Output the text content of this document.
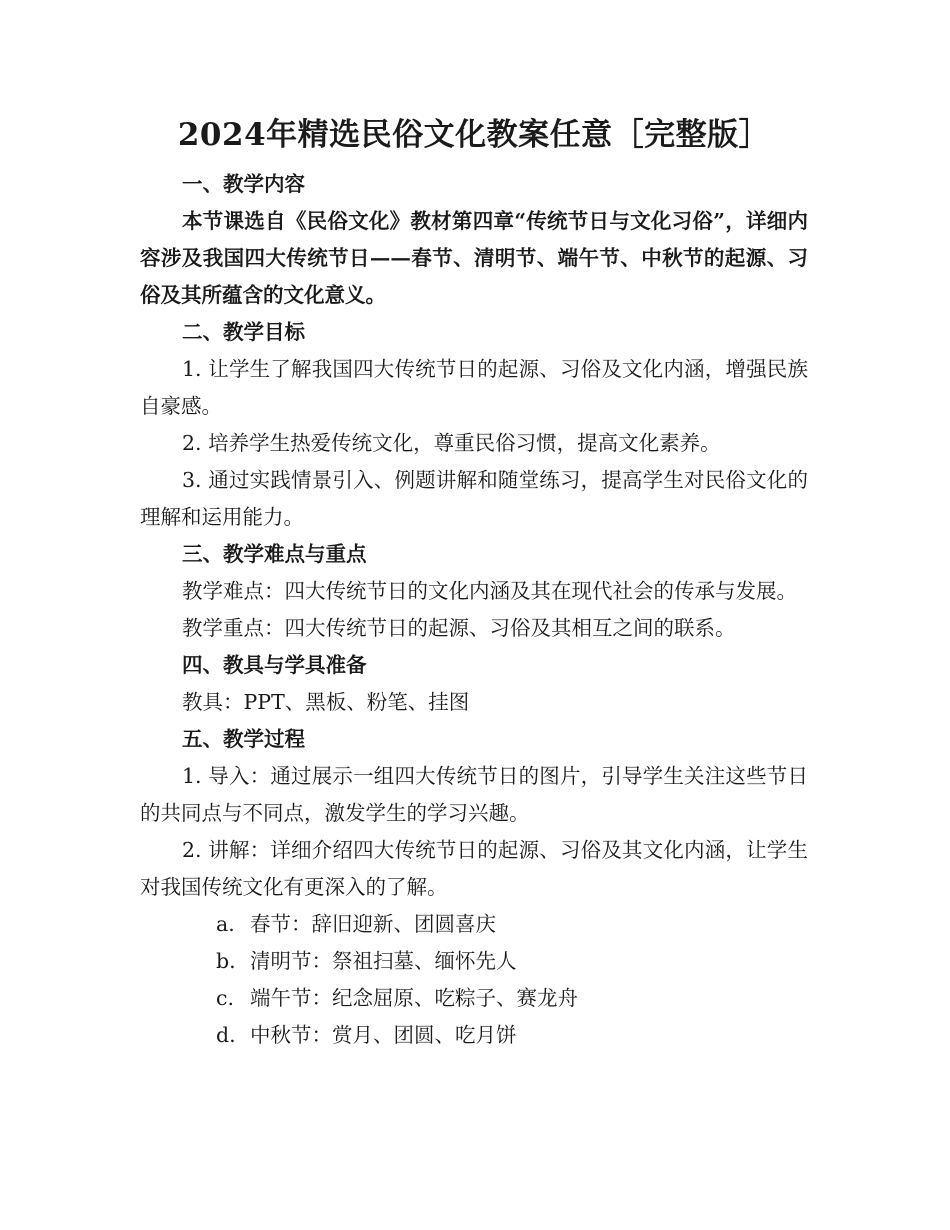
2024年精选民俗文化教案任意［完整版］

一、教学内容

本节课选自《民俗文化》教材第四章“传统节日与文化习俗”，详细内容涉及我国四大传统节日——春节、清明节、端午节、中秋节的起源、习俗及其所蕴含的文化意义。

二、教学目标

1. 让学生了解我国四大传统节日的起源、习俗及文化内涵，增强民族自豪感。

2. 培养学生热爱传统文化，尊重民俗习惯，提高文化素养。

3. 通过实践情景引入、例题讲解和随堂练习，提高学生对民俗文化的理解和运用能力。

三、教学难点与重点

教学难点：四大传统节日的文化内涵及其在现代社会的传承与发展。

教学重点：四大传统节日的起源、习俗及其相互之间的联系。

四、教具与学具准备

教具：PPT、黑板、粉笔、挂图

五、教学过程

1. 导入：通过展示一组四大传统节日的图片，引导学生关注这些节日的共同点与不同点，激发学生的学习兴趣。

2. 讲解：详细介绍四大传统节日的起源、习俗及其文化内涵，让学生对我国传统文化有更深入的了解。

a. 春节：辞旧迎新、团圆喜庆

b. 清明节：祭祖扫墓、缅怀先人

c. 端午节：纪念屈原、吃粽子、赛龙舟

d. 中秋节：赏月、团圆、吃月饼
